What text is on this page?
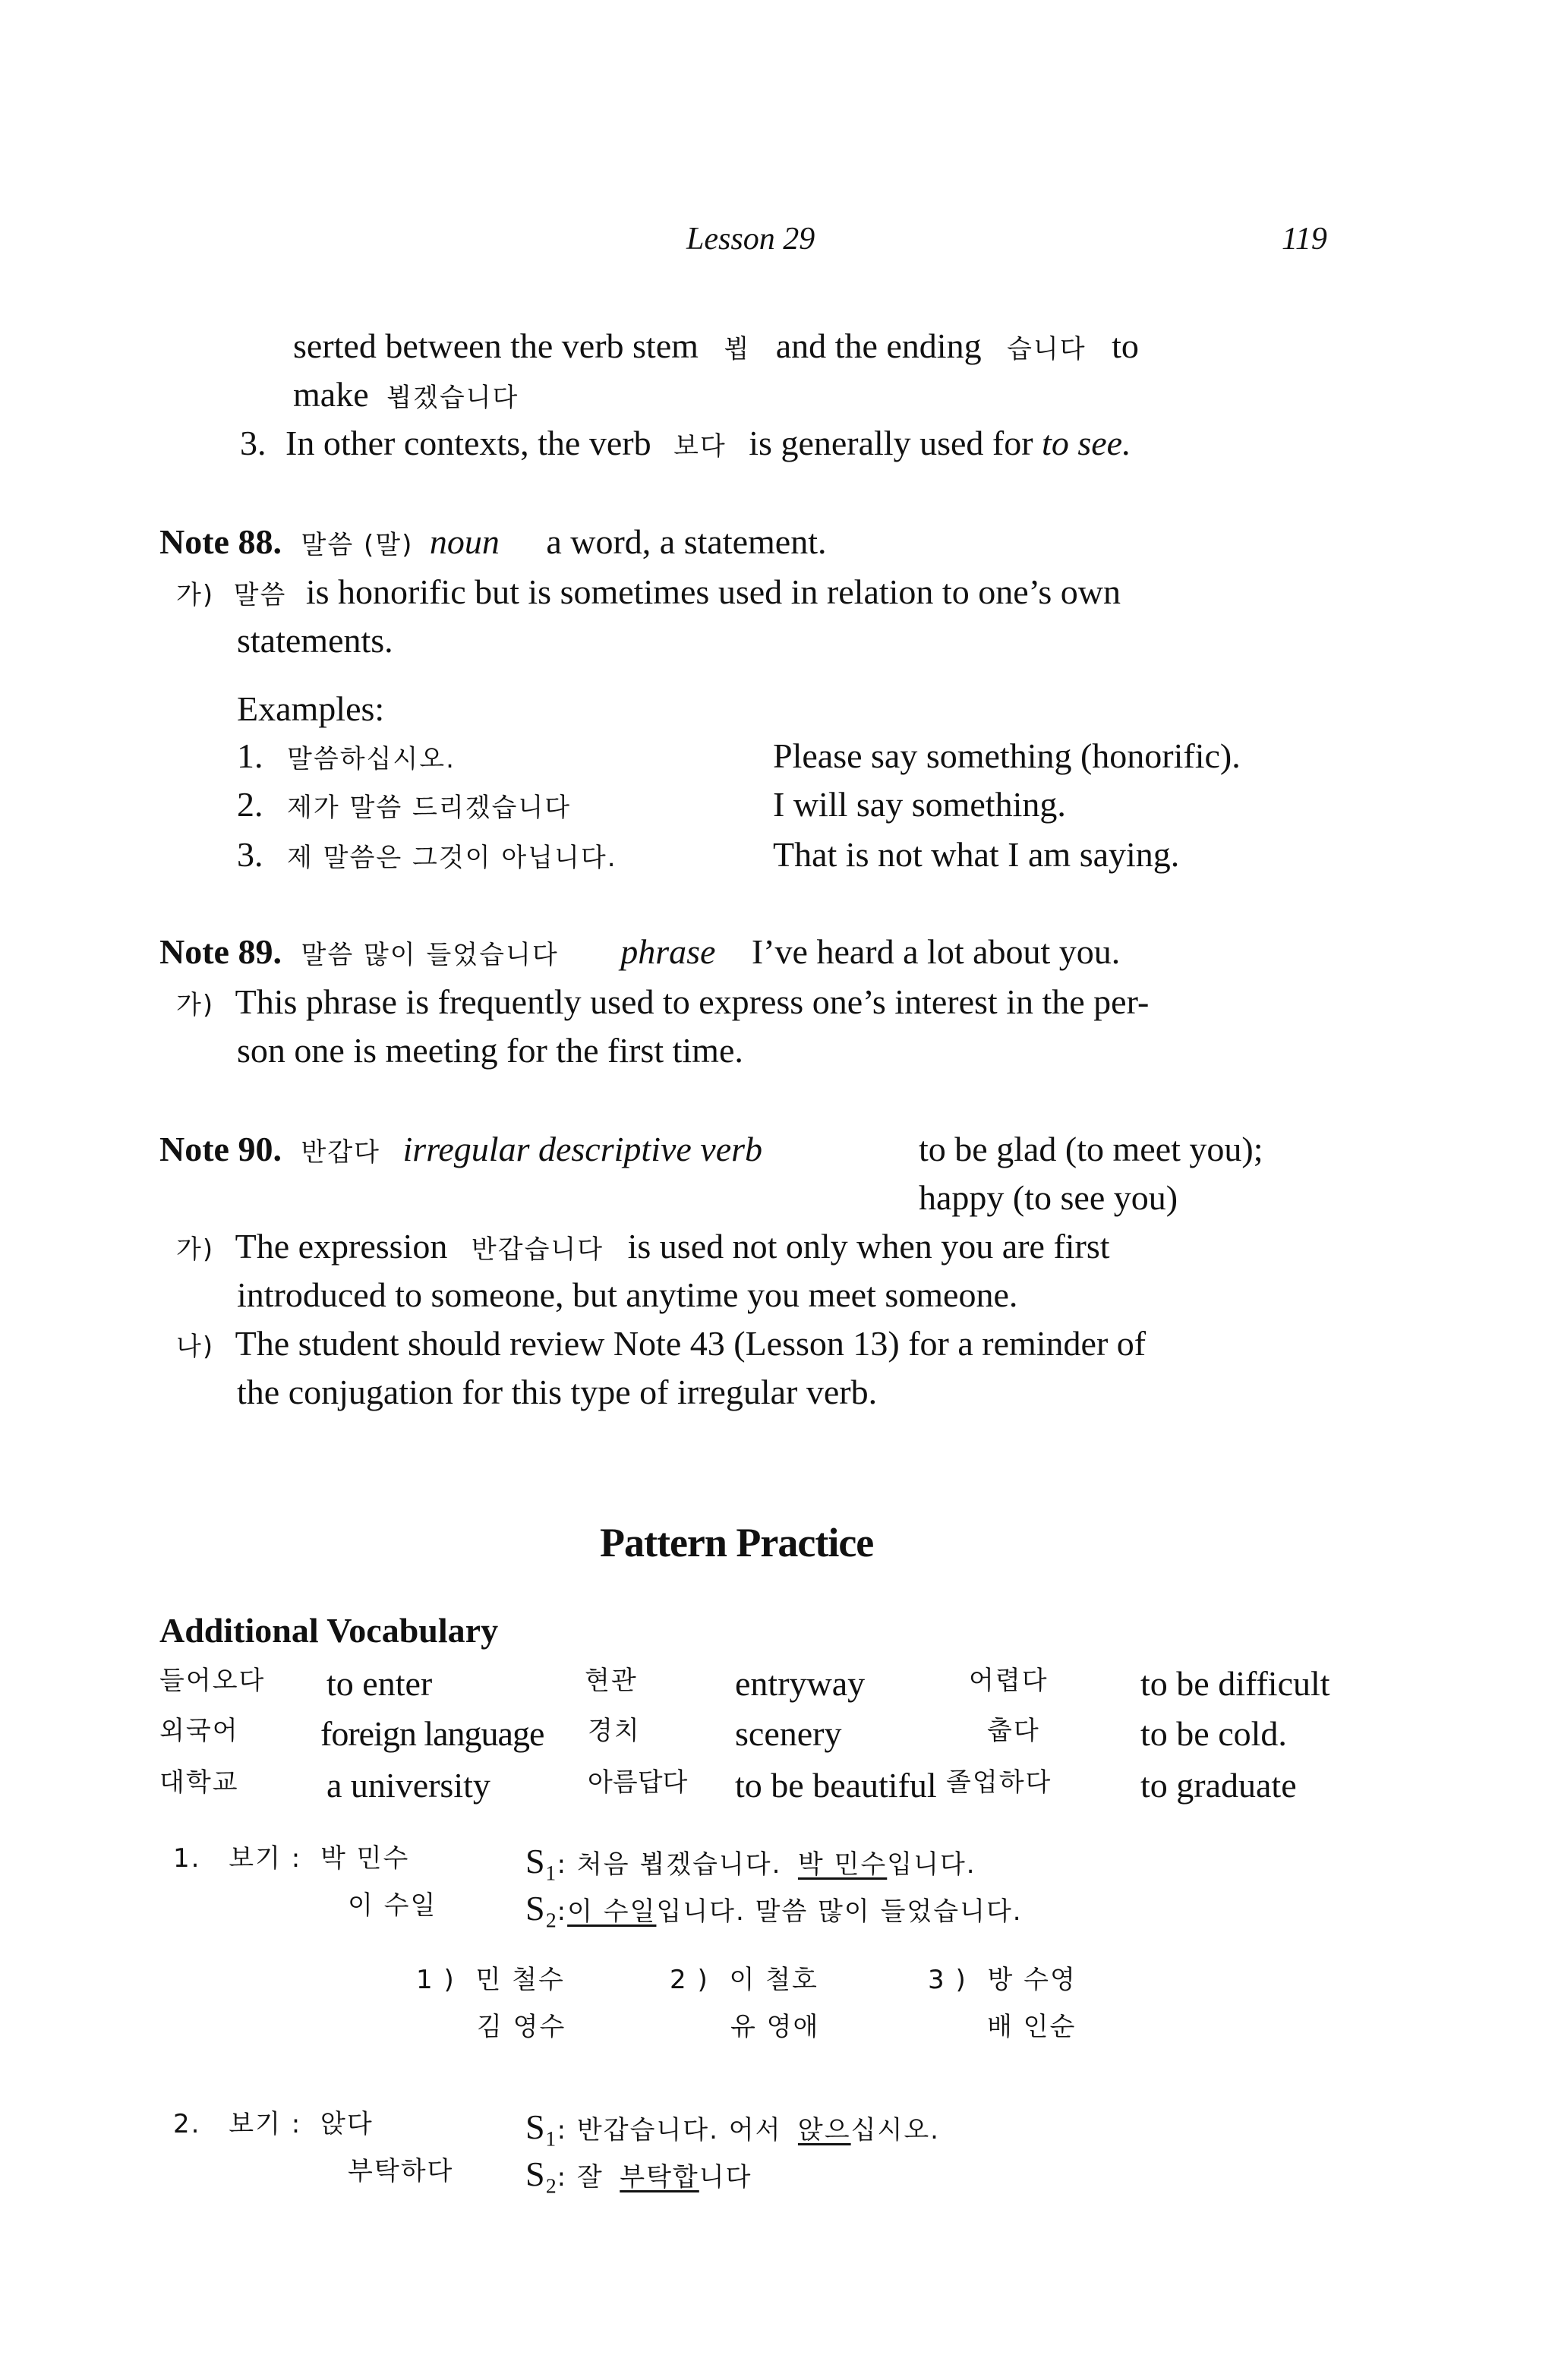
Lesson 29	119
serted between the verb stem 뵙 and the ending 습니다 to
make 뵙겠습니다
3. In other contexts, the verb 보다 is generally used for to see.
Note 88. 말씀 (말) noun a word, a statement.
가) 말씀 is honorific but is sometimes used in relation to one’s own
statements.
Examples:
1. 말씀하십시오.	Please say something (honorific).
2. 제가 말씀 드리겠습니다	I will say something.
3. 제 말씀은 그것이 아닙니다.	That is not what I am saying.
Note 89. 말씀 많이 들었습니다 phrase I’ve heard a lot about you.
가) This phrase is frequently used to express one’s interest in the per-
son one is meeting for the first time.
Note 90. 반갑다 irregular descriptive verb	to be glad (to meet you);
happy (to see you)
가) The expression 반갑습니다 is used not only when you are first
introduced to someone, but anytime you meet someone.
나) The student should review Note 43 (Lesson 13) for a reminder of
the conjugation for this type of irregular verb.
Pattern Practice
Additional Vocabulary
들어오다 to enter	현관	entryway	어렵다	to be difficult
외국어 foreign language 경치	scenery	춥다	to be cold.
대학교	a university	아름답다 to be beautiful 졸업하다	to graduate
1. 보기 : 박 민수
이 수일
S₁: 처음 뵙겠습니다. 박 민수입니다.
S₂:이 수일입니다. 말씀 많이 들었습니다.
1 ) 민 철수
김 영수
2 ) 이 철호
유 영애
3 ) 방 수영
배 인순
2. 보기 : 앉다
부탁하다
S₁: 반갑습니다. 어서 앉으십시오.
S₂: 잘 부탁합니다
